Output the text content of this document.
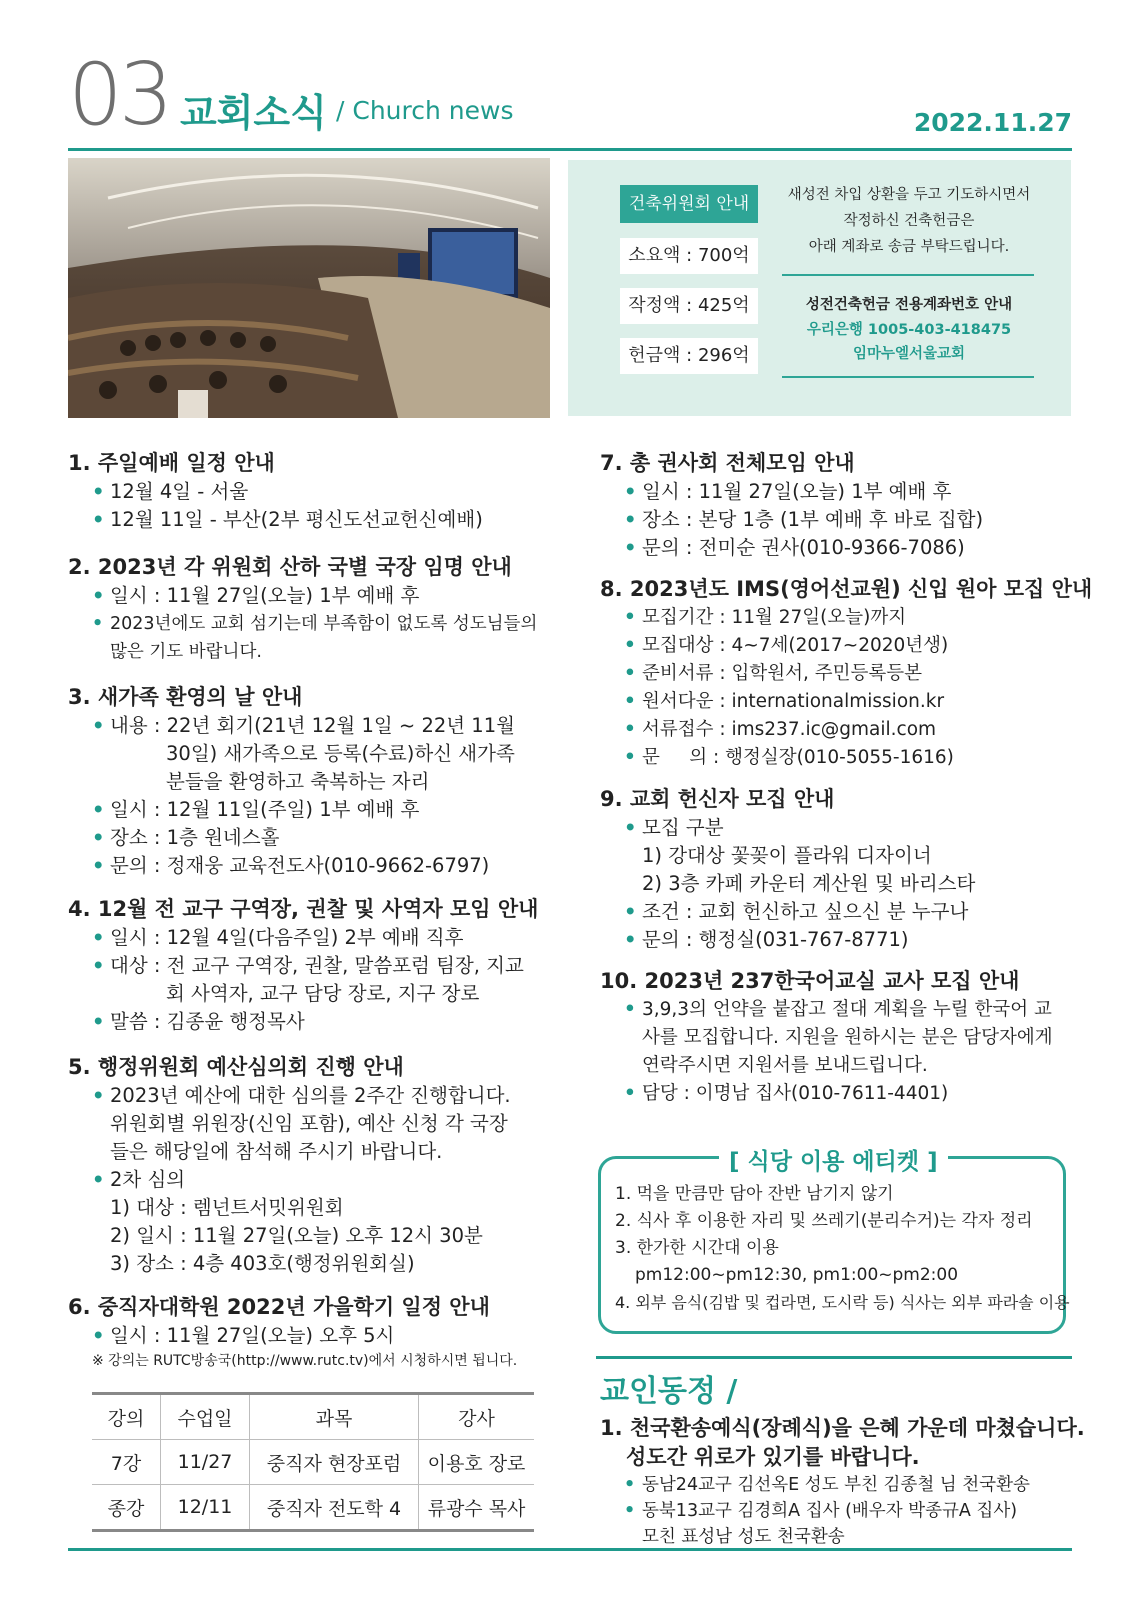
03 교회소식 / Church news	2022.11.27
건축위원회 안내
소요액 : 700억
작정액 : 425억
헌금액 : 296억
새성전 차입 상환을 두고 기도하시면서
작정하신 건축헌금은
아래 계좌로 송금 부탁드립니다.
성전건축헌금 전용계좌번호 안내
우리은행 1005-403-418475
임마누엘서울교회
1. 주일예배 일정 안내
• 12월 4일 - 서울
• 12월 11일 - 부산(2부 평신도선교헌신예배)
2. 2023년 각 위원회 산하 국별 국장 임명 안내
• 일시 : 11월 27일(오늘) 1부 예배 후
• 2023년에도 교회 섬기는데 부족함이 없도록 성도님들의
많은 기도 바랍니다.
3. 새가족 환영의 날 안내
• 내용 : 22년 회기(21년 12월 1일 ~ 22년 11월
30일) 새가족으로 등록(수료)하신 새가족
분들을 환영하고 축복하는 자리
• 일시 : 12월 11일(주일) 1부 예배 후
• 장소 : 1층 원네스홀
• 문의 : 정재웅 교육전도사(010-9662-6797)
4. 12월 전 교구 구역장, 권찰 및 사역자 모임 안내
• 일시 : 12월 4일(다음주일) 2부 예배 직후
• 대상 : 전 교구 구역장, 권찰, 말씀포럼 팀장, 지교
회 사역자, 교구 담당 장로, 지구 장로
• 말씀 : 김종윤 행정목사
5. 행정위원회 예산심의회 진행 안내
• 2023년 예산에 대한 심의를 2주간 진행합니다.
위원회별 위원장(신임 포함), 예산 신청 각 국장
들은 해당일에 참석해 주시기 바랍니다.
• 2차 심의
1) 대상 : 렘넌트서밋위원회
2) 일시 : 11월 27일(오늘) 오후 12시 30분
3) 장소 : 4층 403호(행정위원회실)
6. 중직자대학원 2022년 가을학기 일정 안내
• 일시 : 11월 27일(오늘) 오후 5시
※ 강의는 RUTC방송국(http://www.rutc.tv)에서 시청하시면 됩니다.
강의	수업일	과목	강사
7강	11/27	중직자 현장포럼	이용호 장로
종강	12/11	중직자 전도학 4	류광수 목사
7. 총 권사회 전체모임 안내
• 일시 : 11월 27일(오늘) 1부 예배 후
• 장소 : 본당 1층 (1부 예배 후 바로 집합)
• 문의 : 전미순 권사(010-9366-7086)
8. 2023년도 IMS(영어선교원) 신입 원아 모집 안내
• 모집기간 : 11월 27일(오늘)까지
• 모집대상 : 4~7세(2017~2020년생)
• 준비서류 : 입학원서, 주민등록등본
• 원서다운 : internationalmission.kr
• 서류접수 : ims237.ic@gmail.com
• 문     의 : 행정실장(010-5055-1616)
9. 교회 헌신자 모집 안내
• 모집 구분
1) 강대상 꽃꽂이 플라워 디자이너
2) 3층 카페 카운터 계산원 및 바리스타
• 조건 : 교회 헌신하고 싶으신 분 누구나
• 문의 : 행정실(031-767-8771)
10. 2023년 237한국어교실 교사 모집 안내
• 3,9,3의 언약을 붙잡고 절대 계획을 누릴 한국어 교
사를 모집합니다. 지원을 원하시는 분은 담당자에게
연락주시면 지원서를 보내드립니다.
• 담당 : 이명남 집사(010-7611-4401)
[ 식당 이용 에티켓 ]
1. 먹을 만큼만 담아 잔반 남기지 않기
2. 식사 후 이용한 자리 및 쓰레기(분리수거)는 각자 정리
3. 한가한 시간대 이용
pm12:00~pm12:30, pm1:00~pm2:00
4. 외부 음식(김밥 및 컵라면, 도시락 등) 식사는 외부 파라솔 이용
교인동정 /
1. 천국환송예식(장례식)을 은혜 가운데 마쳤습니다.
성도간 위로가 있기를 바랍니다.
• 동남24교구 김선옥E 성도 부친 김종철 님 천국환송
• 동북13교구 김경희A 집사 (배우자 박종규A 집사)
모친 표성남 성도 천국환송
